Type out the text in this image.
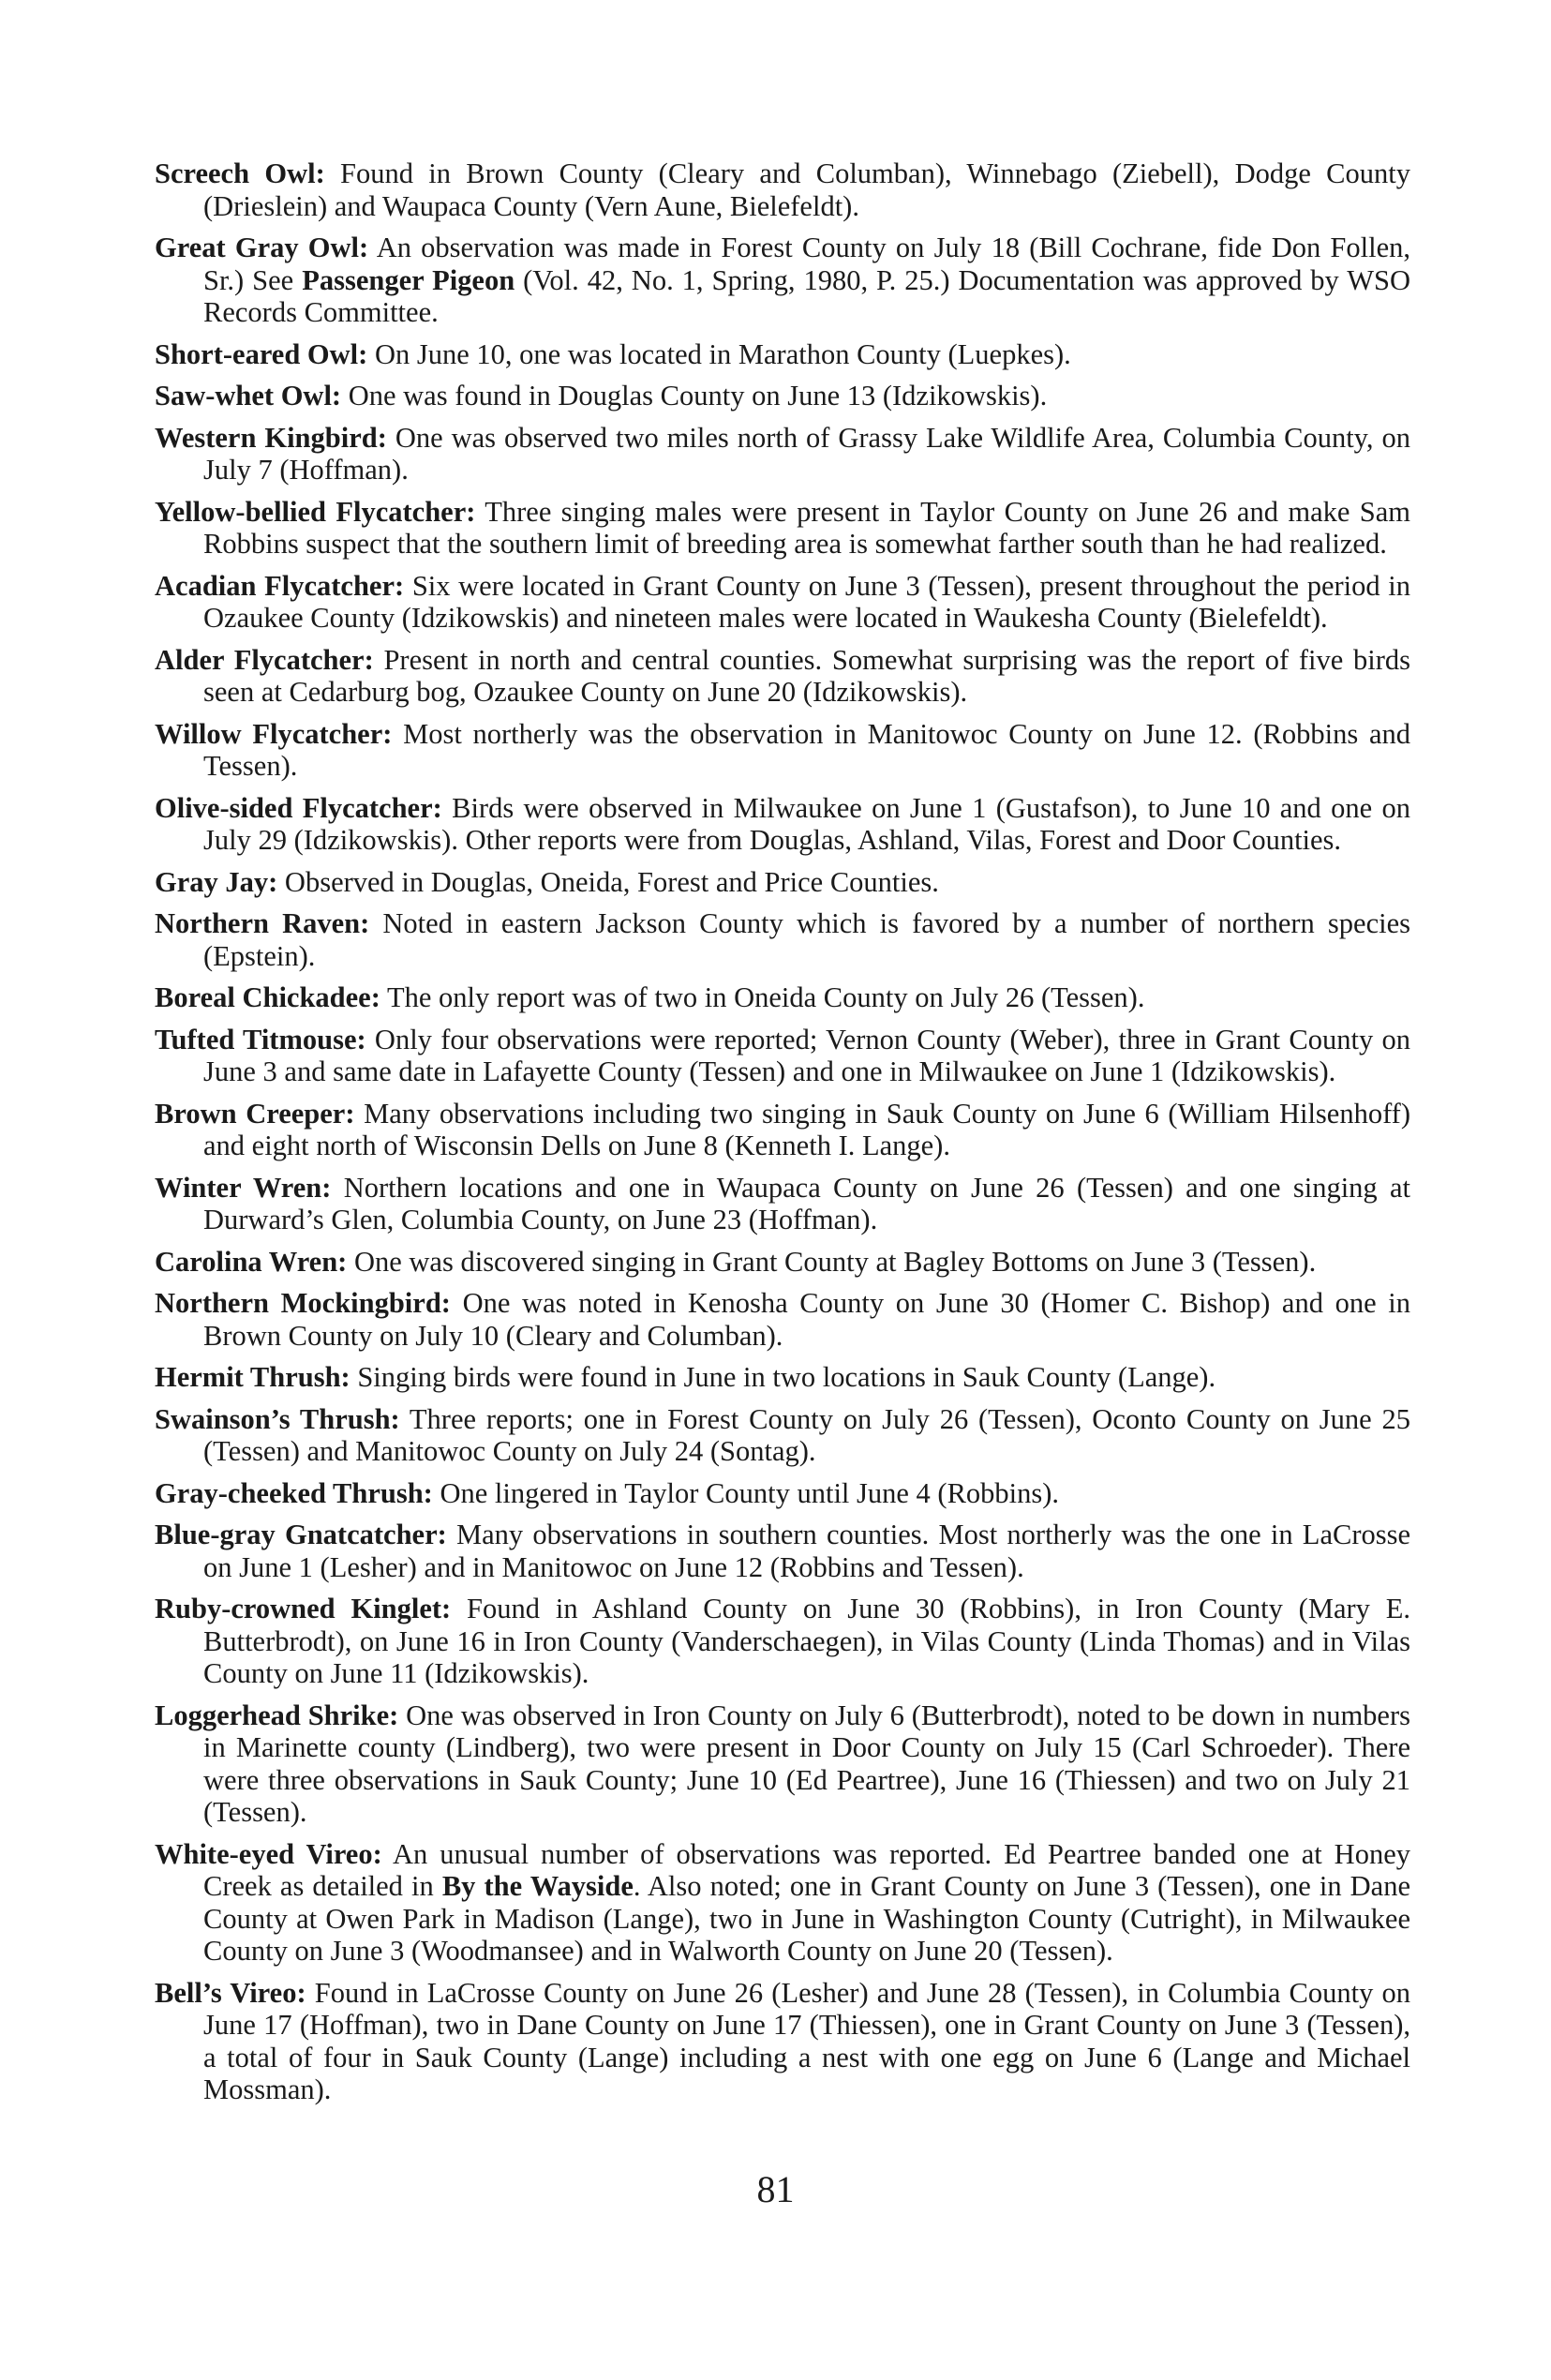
Screech Owl: Found in Brown County (Cleary and Columban), Winnebago (Ziebell), Dodge County (Drieslein) and Waupaca County (Vern Aune, Bielefeldt).

Great Gray Owl: An observation was made in Forest County on July 18 (Bill Cochrane, fide Don Follen, Sr.) See Passenger Pigeon (Vol. 42, No. 1, Spring, 1980, P. 25.) Documentation was approved by WSO Records Committee.

Short-eared Owl: On June 10, one was located in Marathon County (Luepkes).

Saw-whet Owl: One was found in Douglas County on June 13 (Idzikowskis).

Western Kingbird: One was observed two miles north of Grassy Lake Wildlife Area, Columbia County, on July 7 (Hoffman).

Yellow-bellied Flycatcher: Three singing males were present in Taylor County on June 26 and make Sam Robbins suspect that the southern limit of breeding area is somewhat farther south than he had realized.

Acadian Flycatcher: Six were located in Grant County on June 3 (Tessen), present throughout the period in Ozaukee County (Idzikowskis) and nineteen males were located in Waukesha County (Bielefeldt).

Alder Flycatcher: Present in north and central counties. Somewhat surprising was the report of five birds seen at Cedarburg bog, Ozaukee County on June 20 (Idzikowskis).

Willow Flycatcher: Most northerly was the observation in Manitowoc County on June 12. (Robbins and Tessen).

Olive-sided Flycatcher: Birds were observed in Milwaukee on June 1 (Gustafson), to June 10 and one on July 29 (Idzikowskis). Other reports were from Douglas, Ashland, Vilas, Forest and Door Counties.

Gray Jay: Observed in Douglas, Oneida, Forest and Price Counties.

Northern Raven: Noted in eastern Jackson County which is favored by a number of northern species (Epstein).

Boreal Chickadee: The only report was of two in Oneida County on July 26 (Tessen).

Tufted Titmouse: Only four observations were reported; Vernon County (Weber), three in Grant County on June 3 and same date in Lafayette County (Tessen) and one in Milwaukee on June 1 (Idzikowskis).

Brown Creeper: Many observations including two singing in Sauk County on June 6 (William Hilsenhoff) and eight north of Wisconsin Dells on June 8 (Kenneth I. Lange).

Winter Wren: Northern locations and one in Waupaca County on June 26 (Tessen) and one singing at Durward’s Glen, Columbia County, on June 23 (Hoffman).

Carolina Wren: One was discovered singing in Grant County at Bagley Bottoms on June 3 (Tessen).

Northern Mockingbird: One was noted in Kenosha County on June 30 (Homer C. Bishop) and one in Brown County on July 10 (Cleary and Columban).

Hermit Thrush: Singing birds were found in June in two locations in Sauk County (Lange).

Swainson’s Thrush: Three reports; one in Forest County on July 26 (Tessen), Oconto County on June 25 (Tessen) and Manitowoc County on July 24 (Sontag).

Gray-cheeked Thrush: One lingered in Taylor County until June 4 (Robbins).

Blue-gray Gnatcatcher: Many observations in southern counties. Most northerly was the one in LaCrosse on June 1 (Lesher) and in Manitowoc on June 12 (Robbins and Tessen).

Ruby-crowned Kinglet: Found in Ashland County on June 30 (Robbins), in Iron County (Mary E. Butterbrodt), on June 16 in Iron County (Vanderschaegen), in Vilas County (Linda Thomas) and in Vilas County on June 11 (Idzikowskis).

Loggerhead Shrike: One was observed in Iron County on July 6 (Butterbrodt), noted to be down in numbers in Marinette county (Lindberg), two were present in Door County on July 15 (Carl Schroeder). There were three observations in Sauk County; June 10 (Ed Peartree), June 16 (Thiessen) and two on July 21 (Tessen).

White-eyed Vireo: An unusual number of observations was reported. Ed Peartree banded one at Honey Creek as detailed in By the Wayside. Also noted; one in Grant County on June 3 (Tessen), one in Dane County at Owen Park in Madison (Lange), two in June in Washington County (Cutright), in Milwaukee County on June 3 (Woodmansee) and in Walworth County on June 20 (Tessen).

Bell’s Vireo: Found in LaCrosse County on June 26 (Lesher) and June 28 (Tessen), in Columbia County on June 17 (Hoffman), two in Dane County on June 17 (Thiessen), one in Grant County on June 3 (Tessen), a total of four in Sauk County (Lange) including a nest with one egg on June 6 (Lange and Michael Mossman).

81
